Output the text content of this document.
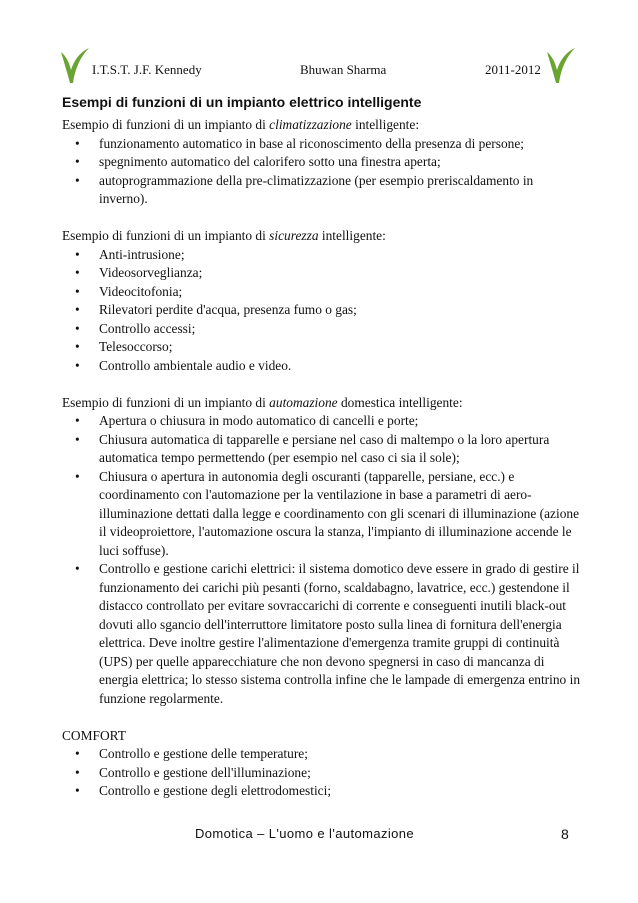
I.T.S.T. J.F. Kennedy	Bhuwan Sharma	2011-2012
Esempi di funzioni di un impianto elettrico intelligente

Esempio di funzioni di un impianto di climatizzazione intelligente:

• funzionamento automatico in base al riconoscimento della presenza di persone;
• spegnimento automatico del calorifero sotto una finestra aperta;
• autoprogrammazione della pre-climatizzazione (per esempio preriscaldamento in inverno).

Esempio di funzioni di un impianto di sicurezza intelligente:

• Anti-intrusione;
• Videosorveglianza;
• Videocitofonia;
• Rilevatori perdite d'acqua, presenza fumo o gas;
• Controllo accessi;
• Telesoccorso;
• Controllo ambientale audio e video.

Esempio di funzioni di un impianto di automazione domestica intelligente:

• Apertura o chiusura in modo automatico di cancelli e porte;
• Chiusura automatica di tapparelle e persiane nel caso di maltempo o la loro apertura automatica tempo permettendo (per esempio nel caso ci sia il sole);
• Chiusura o apertura in autonomia degli oscuranti (tapparelle, persiane, ecc.) e coordinamento con l'automazione per la ventilazione in base a parametri di aero-illuminazione dettati dalla legge e coordinamento con gli scenari di illuminazione (azione il videoproiettore, l'automazione oscura la stanza, l'impianto di illuminazione accende le luci soffuse).
• Controllo e gestione carichi elettrici: il sistema domotico deve essere in grado di gestire il funzionamento dei carichi più pesanti (forno, scaldabagno, lavatrice, ecc.) gestendone il distacco controllato per evitare sovraccarichi di corrente e conseguenti inutili black-out dovuti allo sgancio dell'interruttore limitatore posto sulla linea di fornitura dell'energia elettrica. Deve inoltre gestire l'alimentazione d'emergenza tramite gruppi di continuità (UPS) per quelle apparecchiature che non devono spegnersi in caso di mancanza di energia elettrica; lo stesso sistema controlla infine che le lampade di emergenza entrino in funzione regolarmente.

COMFORT

• Controllo e gestione delle temperature;
• Controllo e gestione dell'illuminazione;
• Controllo e gestione degli elettrodomestici;
Domotica – L'uomo e l'automazione	8
